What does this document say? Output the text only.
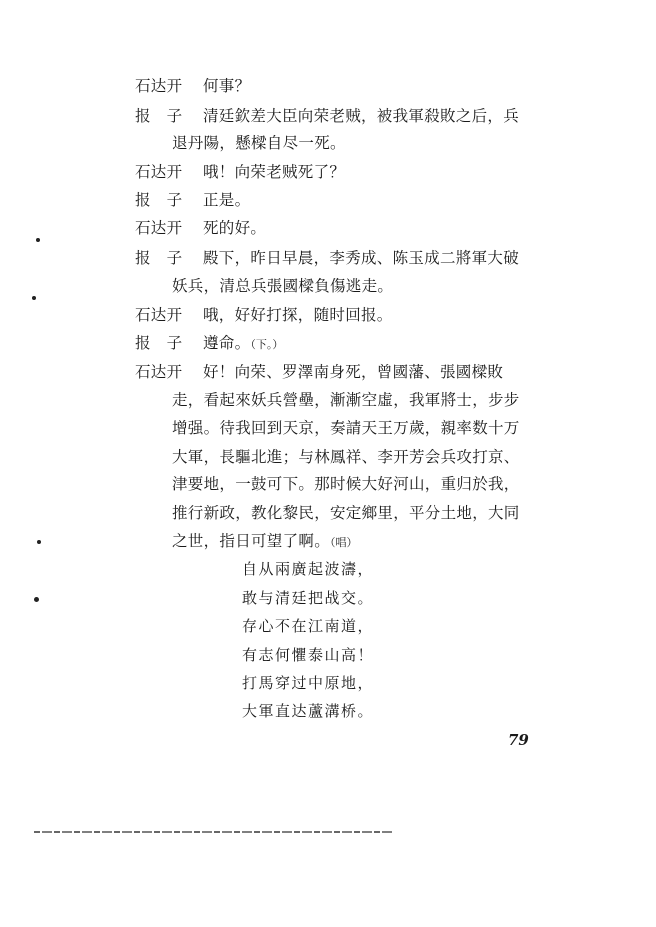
石达开 何事？
报　子 清廷欽差大臣向荣老贼，被我軍殺敗之后，兵
退丹陽，懸樑自尽一死。
石达开 哦！向荣老贼死了？
报　子 正是。
石达开 死的好。
报　子 殿下，昨日早晨，李秀成、陈玉成二將軍大破
妖兵，清总兵張國樑負傷逃走。
石达开 哦，好好打探，随时回报。
报　子 遵命。（下。）
石达开 好！向荣、罗澤南身死，曾國藩、張國樑敗
走，看起來妖兵營壘，漸漸空虛，我軍將士，步步
增强。待我回到天京，奏請天王万歲，親率数十万
大軍，長驅北進；与林鳳祥、李开芳会兵攻打京、
津要地，一鼓可下。那时候大好河山，重归於我，
推行新政，教化黎民，安定鄉里，平分土地，大同
之世，指日可望了啊。（唱）
自从兩廣起波濤，
敢与清廷把战交。
存心不在江南道，
有志何懼泰山高！
打馬穿过中原地，
大軍直达蘆溝桥。
79
